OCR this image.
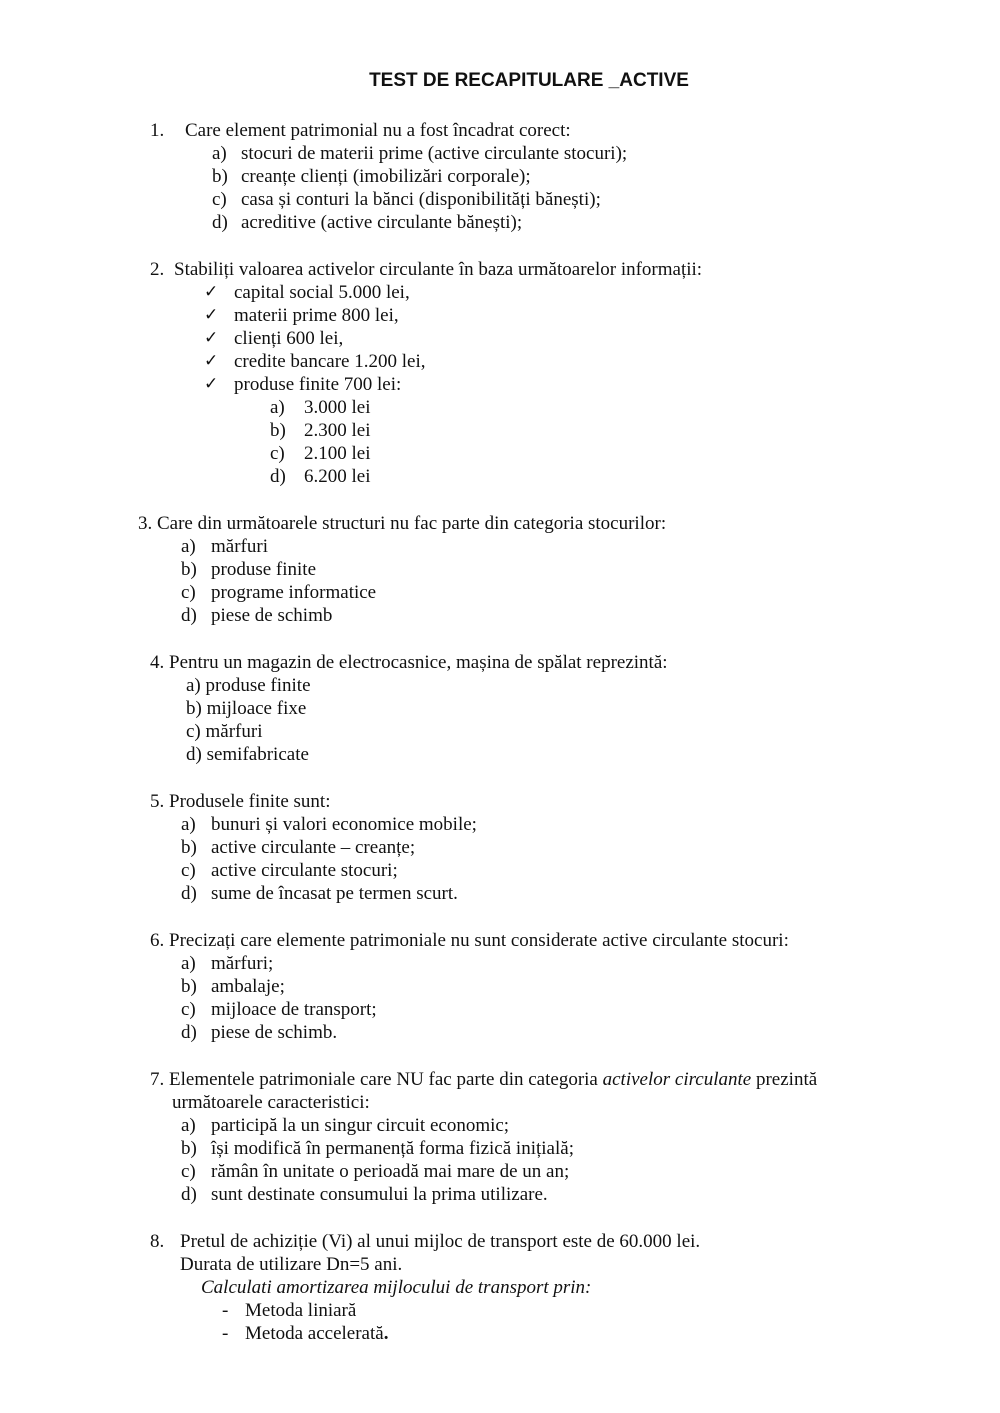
TEST DE RECAPITULARE _ACTIVE
1. Care element patrimonial nu a fost încadrat corect:
a) stocuri de materii prime (active circulante stocuri);
b) creanțe clienți (imobilizări corporale);
c) casa și conturi la bănci (disponibilități bănești);
d) acreditive (active circulante bănești);
2. Stabiliți valoarea activelor circulante în baza următoarelor informații:
✓ capital social 5.000 lei,
✓ materii prime 800 lei,
✓ clienți 600 lei,
✓ credite bancare 1.200 lei,
✓ produse finite 700 lei:
a) 3.000 lei
b) 2.300 lei
c) 2.100 lei
d) 6.200 lei
3. Care din următoarele structuri nu fac parte din categoria stocurilor:
a) mărfuri
b) produse finite
c) programe informatice
d) piese de schimb
4. Pentru un magazin de electrocasnice, mașina de spălat reprezintă:
a) produse finite
b) mijloace fixe
c) mărfuri
d) semifabricate
5. Produsele finite sunt:
a) bunuri și valori economice mobile;
b) active circulante – creanțe;
c) active circulante stocuri;
d) sume de încasat pe termen scurt.
6. Precizați care elemente patrimoniale nu sunt considerate active circulante stocuri:
a) mărfuri;
b) ambalaje;
c) mijloace de transport;
d) piese de schimb.
7. Elementele patrimoniale care NU fac parte din categoria activelor circulante prezintă
următoarele caracteristici:
a) participă la un singur circuit economic;
b) își modifică în permanență forma fizică inițială;
c) rămân în unitate o perioadă mai mare de un an;
d) sunt destinate consumului la prima utilizare.
8. Pretul de achiziție (Vi) al unui mijloc de transport este de 60.000 lei.
Durata de utilizare Dn=5 ani.
Calculati amortizarea mijlocului de transport prin:
- Metoda liniară
- Metoda accelerată.
